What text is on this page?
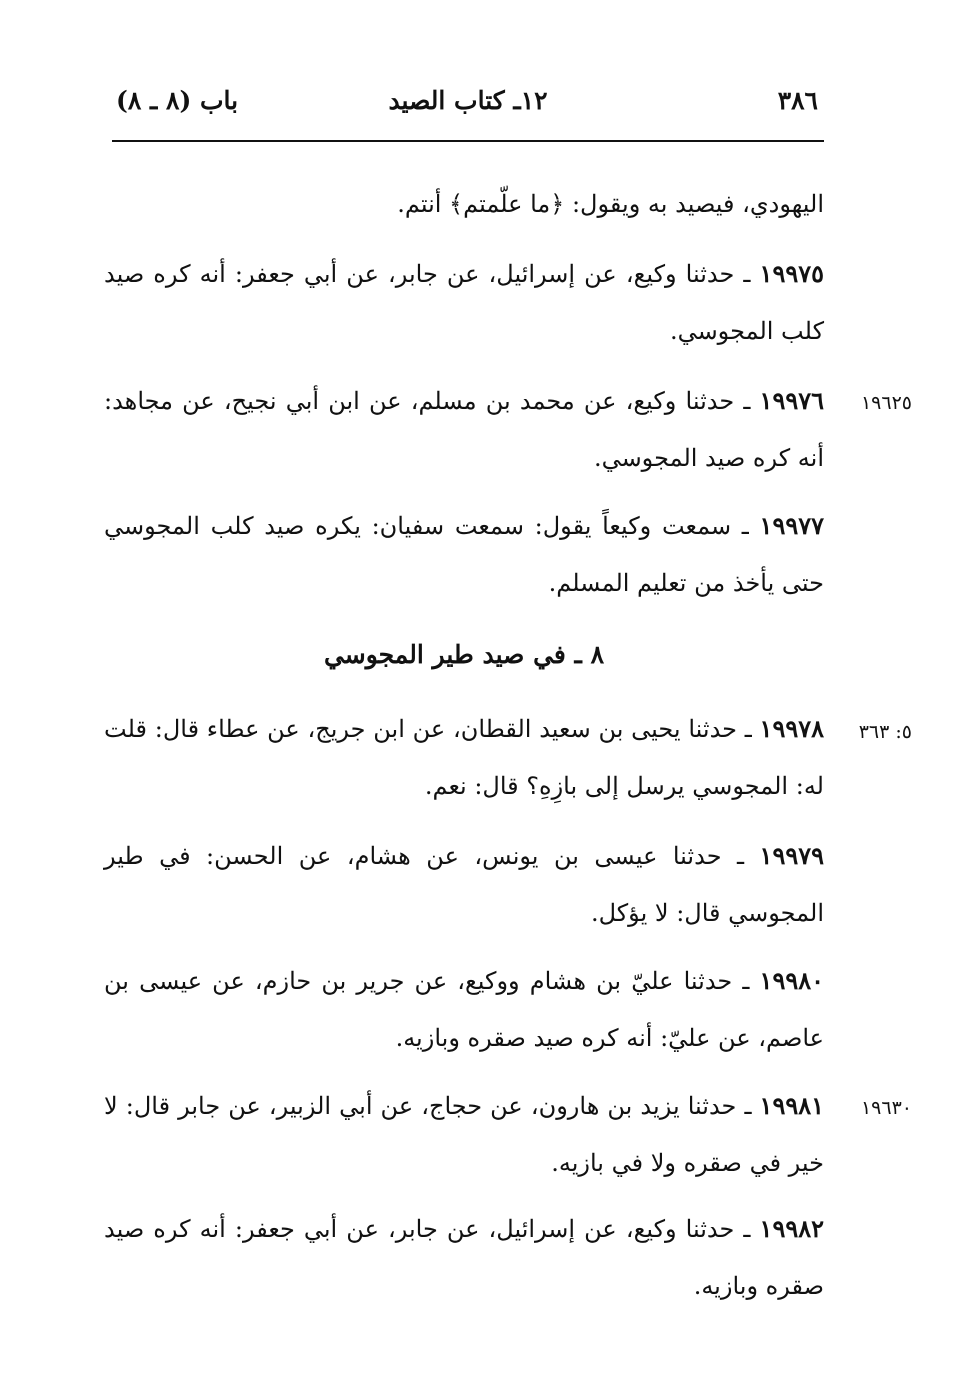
٣٨٦
١٢ـ كتاب الصيد
باب (٨ ـ ٨)
اليهودي، فيصيد به ويقول: ﴿ما علّمتم﴾ أنتم.
١٩٩٧٥ ـ حدثنا وكيع، عن إسرائيل، عن جابر، عن أبي جعفر: أنه كره صيد كلب المجوسي.
١٩٦٢٥
١٩٩٧٦ ـ حدثنا وكيع، عن محمد بن مسلم، عن ابن أبي نجيح، عن مجاهد: أنه كره صيد المجوسي.
١٩٩٧٧ ـ سمعت وكيعاً يقول: سمعت سفيان: يكره صيد كلب المجوسي حتى يأخذ من تعليم المسلم.
٨ ـ في صيد طير المجوسي
٥: ٣٦٣
١٩٩٧٨ ـ حدثنا يحيى بن سعيد القطان، عن ابن جريج، عن عطاء قال: قلت له: المجوسي يرسل إلى بازِهِ؟ قال: نعم.
١٩٩٧٩ ـ حدثنا عيسى بن يونس، عن هشام، عن الحسن: في طير المجوسي قال: لا يؤكل.
١٩٩٨٠ ـ حدثنا عليّ بن هشام ووكيع، عن جرير بن حازم، عن عيسى بن عاصم، عن عليّ: أنه كره صيد صقره وبازيه.
١٩٦٣٠
١٩٩٨١ ـ حدثنا يزيد بن هارون، عن حجاج، عن أبي الزبير، عن جابر قال: لا خير في صقره ولا في بازيه.
١٩٩٨٢ ـ حدثنا وكيع، عن إسرائيل، عن جابر، عن أبي جعفر: أنه كره صيد صقره وبازيه.
